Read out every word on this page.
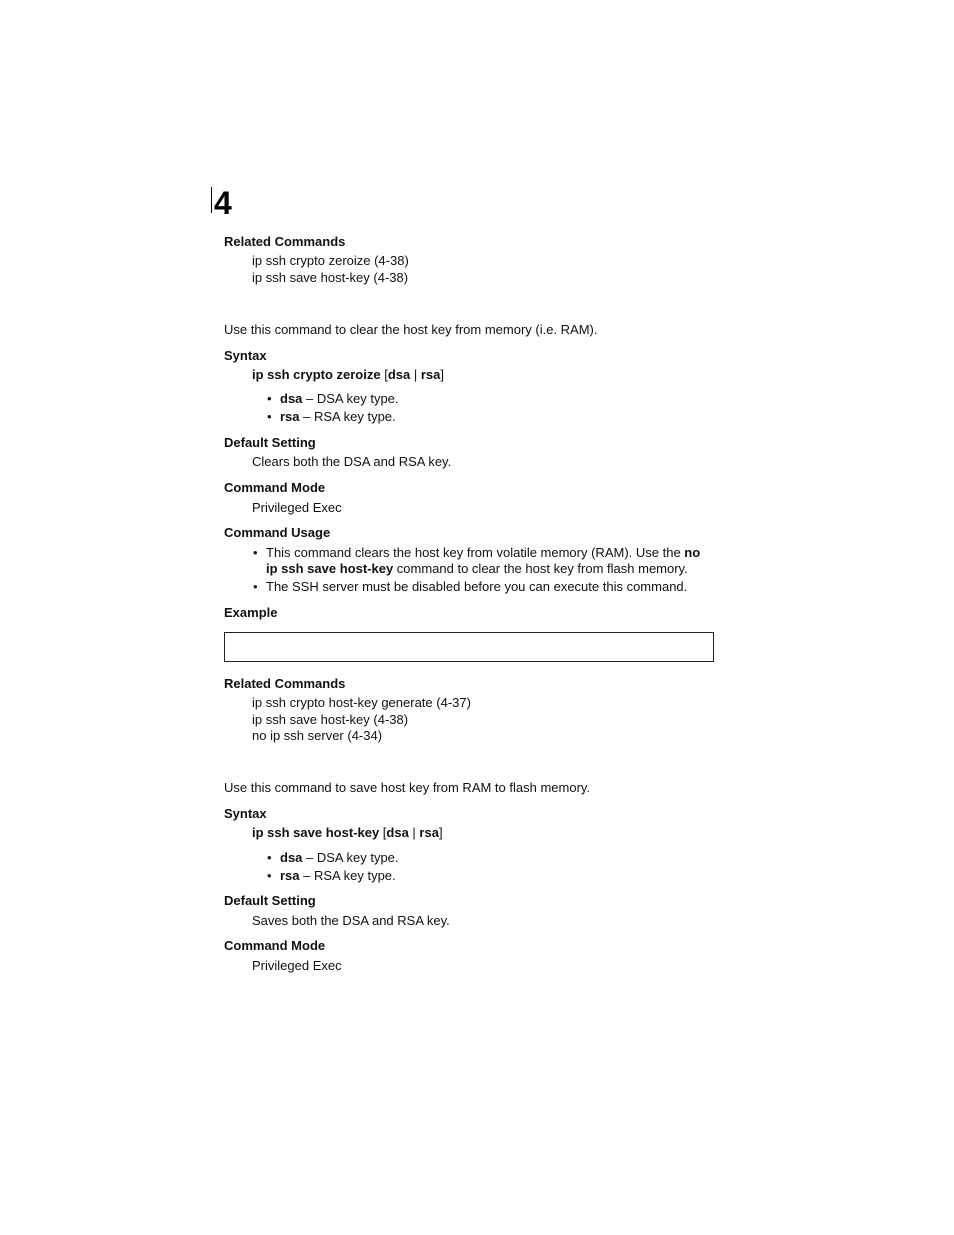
4
Related Commands
ip ssh crypto zeroize (4-38)
ip ssh save host-key (4-38)
Use this command to clear the host key from memory (i.e. RAM).
Syntax
ip ssh crypto zeroize [dsa | rsa]
• dsa – DSA key type.
• rsa – RSA key type.
Default Setting
Clears both the DSA and RSA key.
Command Mode
Privileged Exec
Command Usage
• This command clears the host key from volatile memory (RAM). Use the no
ip ssh save host-key command to clear the host key from flash memory.
• The SSH server must be disabled before you can execute this command.
Example
Related Commands
ip ssh crypto host-key generate (4-37)
ip ssh save host-key (4-38)
no ip ssh server (4-34)
Use this command to save host key from RAM to flash memory.
Syntax
ip ssh save host-key [dsa | rsa]
• dsa – DSA key type.
• rsa – RSA key type.
Default Setting
Saves both the DSA and RSA key.
Command Mode
Privileged Exec
